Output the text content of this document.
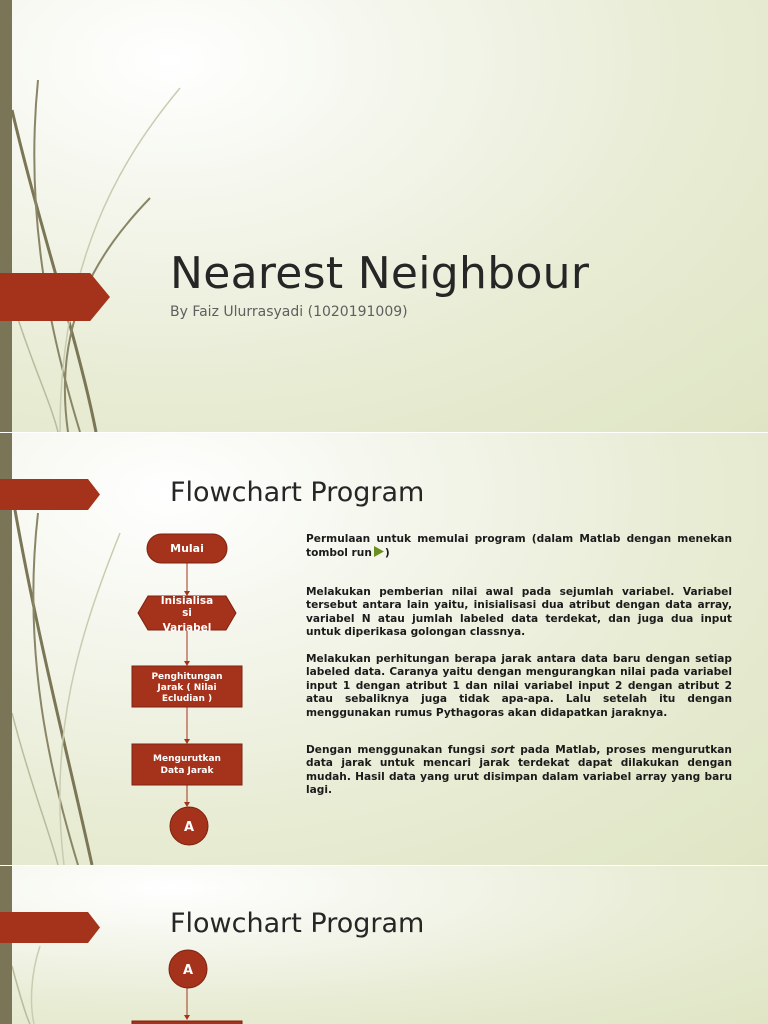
Nearest Neighbour

By Faiz Ulurrasyadi (1020191009)

Flowchart Program
Mulai
Inisialisa
si
Variabel
Penghitungan
Jarak ( Nilai
Ecludian )
Mengurutkan
Data Jarak
A

Permulaan untuk memulai program (dalam Matlab dengan menekan tombol run )

Melakukan pemberian nilai awal pada sejumlah variabel. Variabel tersebut antara lain yaitu, inisialisasi dua atribut dengan data array, variabel N atau jumlah labeled data terdekat, dan juga dua input untuk diperikasa golongan classnya.

Melakukan perhitungan berapa jarak antara data baru dengan setiap labeled data. Caranya yaitu dengan mengurangkan nilai pada variabel input 1 dengan atribut 1 dan nilai variabel input 2 dengan atribut 2 atau sebaliknya juga tidak apa-apa. Lalu setelah itu dengan menggunakan rumus Pythagoras akan didapatkan jaraknya.

Dengan menggunakan fungsi sort pada Matlab, proses mengurutkan data jarak untuk mencari jarak terdekat dapat dilakukan dengan mudah. Hasil data yang urut disimpan dalam variabel array yang baru lagi.

Flowchart Program
A
